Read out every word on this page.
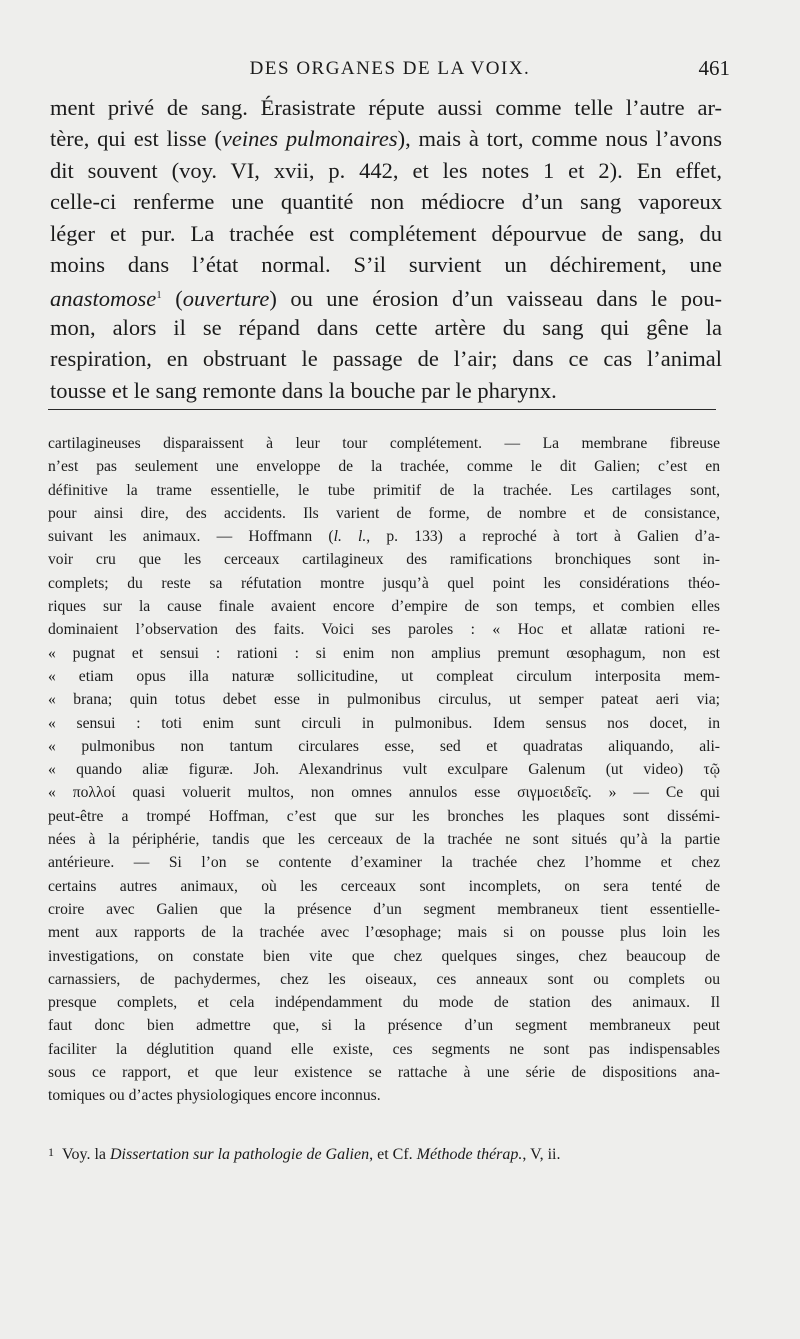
DES ORGANES DE LA VOIX.	461
ment privé de sang. Érasistrate répute aussi comme telle l’autre ar-
tère, qui est lisse (veines pulmonaires), mais à tort, comme nous l’avons
dit souvent (voy. VI, xvii, p. 442, et les notes 1 et 2). En effet,
celle-ci renferme une quantité non médiocre d’un sang vaporeux
léger et pur. La trachée est complétement dépourvue de sang, du
moins dans l’état normal. S’il survient un déchirement, une
anastomose$^1$ (ouverture) ou une érosion d’un vaisseau dans le pou-
mon, alors il se répand dans cette artère du sang qui gêne la
respiration, en obstruant le passage de l’air; dans ce cas l’animal
tousse et le sang remonte dans la bouche par le pharynx.
cartilagineuses disparaissent à leur tour complétement. — La membrane fibreuse
n’est pas seulement une enveloppe de la trachée, comme le dit Galien; c’est en
définitive la trame essentielle, le tube primitif de la trachée. Les cartilages sont,
pour ainsi dire, des accidents. Ils varient de forme, de nombre et de consistance,
suivant les animaux. — Hoffmann (l. l., p. 133) a reproché à tort à Galien d’a-
voir cru que les cerceaux cartilagineux des ramifications bronchiques sont in-
complets; du reste sa réfutation montre jusqu’à quel point les considérations théo-
riques sur la cause finale avaient encore d’empire de son temps, et combien elles
dominaient l’observation des faits. Voici ses paroles : « Hoc et allatæ rationi re-
« pugnat et sensui : rationi : si enim non amplius premunt œsophagum, non est
« etiam opus illa naturæ sollicitudine, ut compleat circulum interposita mem-
« brana; quin totus debet esse in pulmonibus circulus, ut semper pateat aeri via;
« sensui : toti enim sunt circuli in pulmonibus. Idem sensus nos docet, in
« pulmonibus non tantum circulares esse, sed et quadratas aliquando, ali-
« quando aliæ figuræ. Joh. Alexandrinus vult exculpare Galenum (ut video) τῷ
« πολλοί quasi voluerit multos, non omnes annulos esse σιγμοειδεῖς. » — Ce qui
peut-être a trompé Hoffman, c’est que sur les bronches les plaques sont dissémi-
nées à la périphérie, tandis que les cerceaux de la trachée ne sont situés qu’à la partie
antérieure. — Si l’on se contente d’examiner la trachée chez l’homme et chez
certains autres animaux, où les cerceaux sont incomplets, on sera tenté de
croire avec Galien que la présence d’un segment membraneux tient essentielle-
ment aux rapports de la trachée avec l’œsophage; mais si on pousse plus loin les
investigations, on constate bien vite que chez quelques singes, chez beaucoup de
carnassiers, de pachydermes, chez les oiseaux, ces anneaux sont ou complets ou
presque complets, et cela indépendamment du mode de station des animaux. Il
faut donc bien admettre que, si la présence d’un segment membraneux peut
faciliter la déglutition quand elle existe, ces segments ne sont pas indispensables
sous ce rapport, et que leur existence se rattache à une série de dispositions ana-
tomiques ou d’actes physiologiques encore inconnus.
1 Voy. la Dissertation sur la pathologie de Galien, et Cf. Méthode thérap., V, ii.
